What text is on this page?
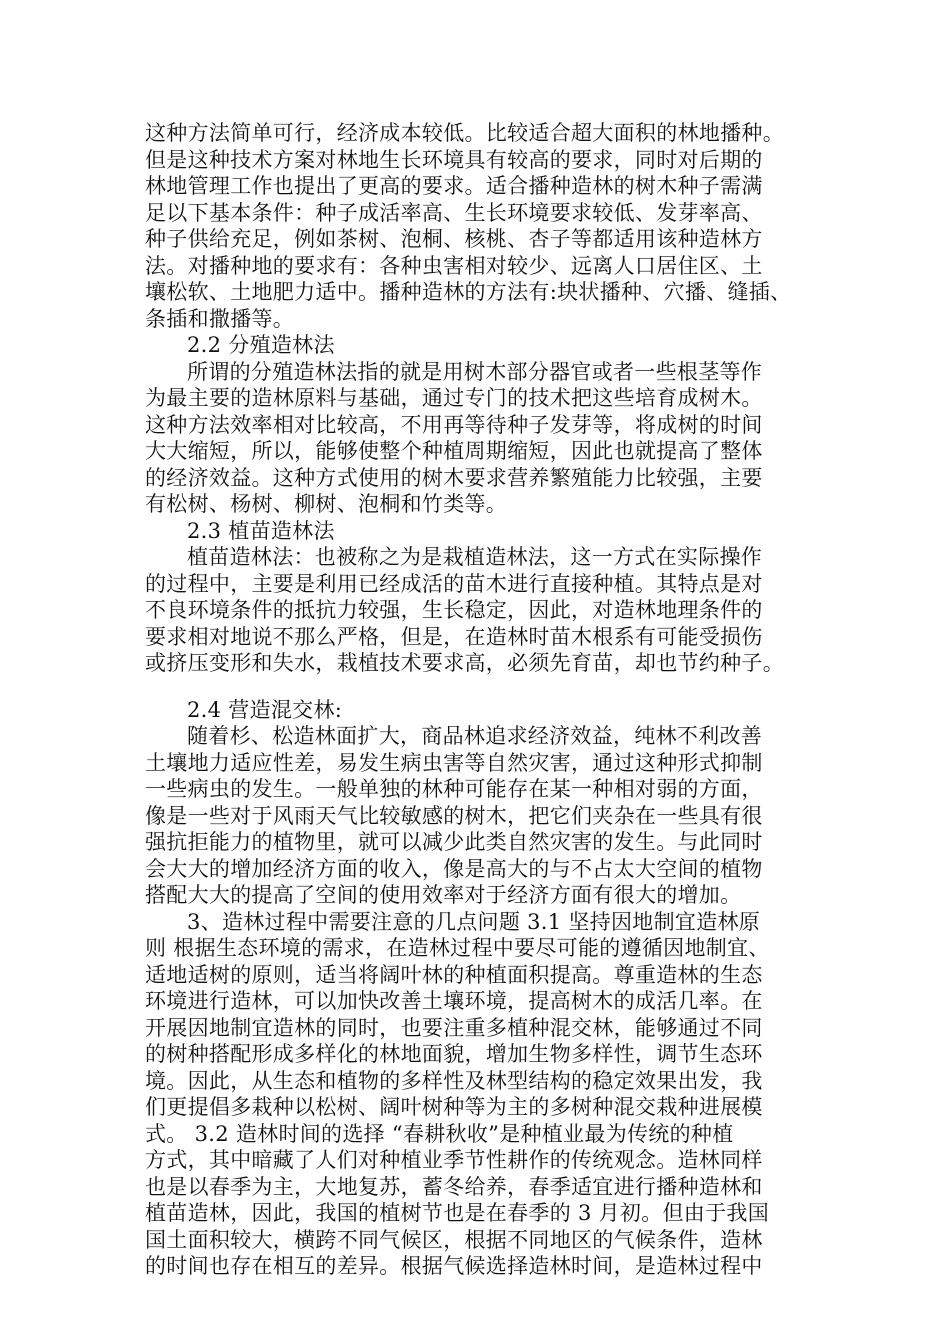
这种方法简单可行，经济成本较低。比较适合超大面积的林地播种。
但是这种技术方案对林地生长环境具有较高的要求，同时对后期的
林地管理工作也提出了更高的要求。适合播种造林的树木种子需满
足以下基本条件：种子成活率高、生长环境要求较低、发芽率高、
种子供给充足，例如茶树、泡桐、核桃、杏子等都适用该种造林方
法。对播种地的要求有：各种虫害相对较少、远离人口居住区、土
壤松软、土地肥力适中。播种造林的方法有:块状播种、穴播、缝插、
条插和撒播等。
2.2 分殖造林法
所谓的分殖造林法指的就是用树木部分器官或者一些根茎等作
为最主要的造林原料与基础，通过专门的技术把这些培育成树木。
这种方法效率相对比较高，不用再等待种子发芽等，将成树的时间
大大缩短，所以，能够使整个种植周期缩短，因此也就提高了整体
的经济效益。这种方式使用的树木要求营养繁殖能力比较强，主要
有松树、杨树、柳树、泡桐和竹类等。
2.3 植苗造林法
植苗造林法：也被称之为是栽植造林法，这一方式在实际操作
的过程中，主要是利用已经成活的苗木进行直接种植。其特点是对
不良环境条件的抵抗力较强，生长稳定，因此，对造林地理条件的
要求相对地说不那么严格，但是，在造林时苗木根系有可能受损伤
或挤压变形和失水，栽植技术要求高，必须先育苗，却也节约种子。
2.4 营造混交林:
随着杉、松造林面扩大，商品林追求经济效益，纯林不利改善
土壤地力适应性差，易发生病虫害等自然灾害，通过这种形式抑制
一些病虫的发生。一般单独的林种可能存在某一种相对弱的方面，
像是一些对于风雨天气比较敏感的树木，把它们夹杂在一些具有很
强抗拒能力的植物里，就可以减少此类自然灾害的发生。与此同时
会大大的增加经济方面的收入，像是高大的与不占太大空间的植物
搭配大大的提高了空间的使用效率对于经济方面有很大的增加。
3、造林过程中需要注意的几点问题 3.1 坚持因地制宜造林原
则 根据生态环境的需求，在造林过程中要尽可能的遵循因地制宜、
适地适树的原则，适当将阔叶林的种植面积提高。尊重造林的生态
环境进行造林，可以加快改善土壤环境，提高树木的成活几率。在
开展因地制宜造林的同时，也要注重多植种混交林，能够通过不同
的树种搭配形成多样化的林地面貌，增加生物多样性，调节生态环
境。因此，从生态和植物的多样性及林型结构的稳定效果出发，我
们更提倡多栽种以松树、阔叶树种等为主的多树种混交栽种进展模
式。 3.2 造林时间的选择 “春耕秋收”是种植业最为传统的种植
方式，其中暗藏了人们对种植业季节性耕作的传统观念。造林同样
也是以春季为主，大地复苏，蓄冬给养，春季适宜进行播种造林和
植苗造林，因此，我国的植树节也是在春季的 3 月初。但由于我国
国土面积较大，横跨不同气候区，根据不同地区的气候条件，造林
的时间也存在相互的差异。根据气候选择造林时间，是造林过程中
